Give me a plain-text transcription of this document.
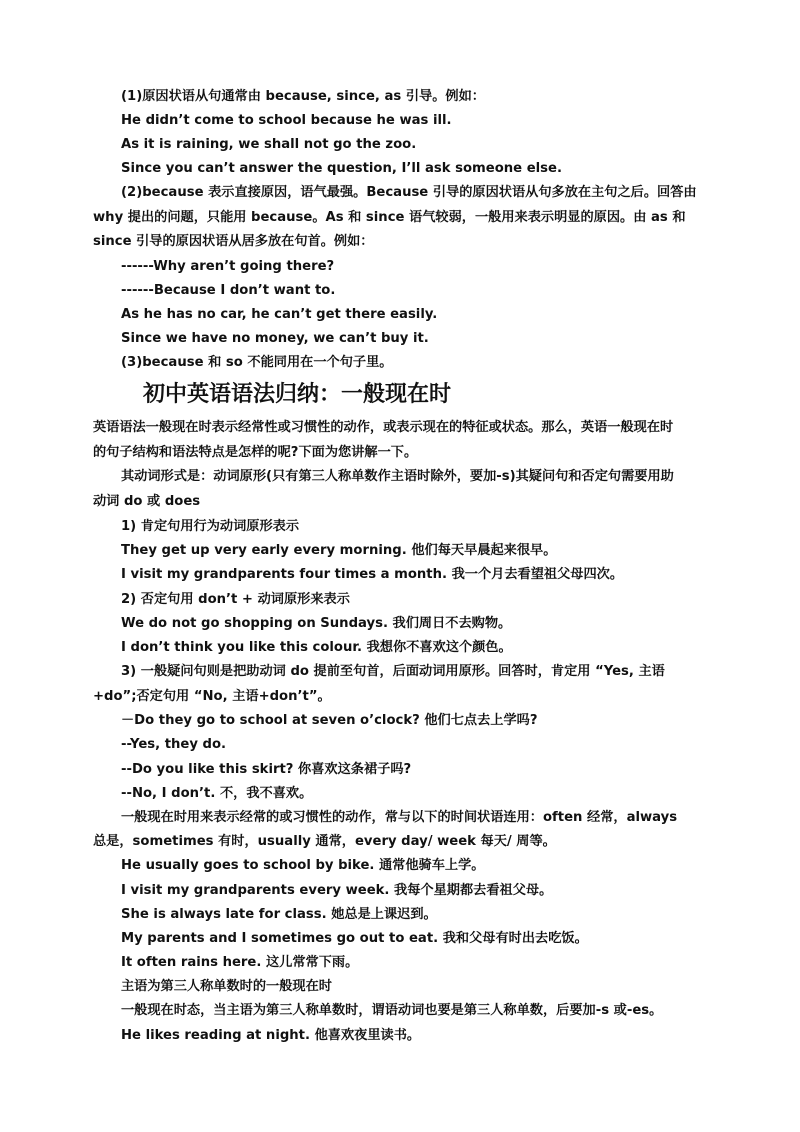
(1)原因状语从句通常由 because, since, as 引导。例如：
He didn’t come to school because he was ill.
As it is raining, we shall not go the zoo.
Since you can’t answer the question, I’ll ask someone else.
(2)because 表示直接原因，语气最强。Because 引导的原因状语从句多放在主句之后。回答由
why 提出的问题，只能用 because。As 和 since 语气较弱，一般用来表示明显的原因。由 as 和
since 引导的原因状语从居多放在句首。例如：
------Why aren’t going there?
------Because I don’t want to.
As he has no car, he can’t get there easily.
Since we have no money, we can’t buy it.
(3)because 和 so 不能同用在一个句子里。
初中英语语法归纳：一般现在时
英语语法一般现在时表示经常性或习惯性的动作，或表示现在的特征或状态。那么，英语一般现在时
的句子结构和语法特点是怎样的呢?下面为您讲解一下。
其动词形式是：动词原形(只有第三人称单数作主语时除外，要加-s)其疑问句和否定句需要用助
动词 do 或 does
1) 肯定句用行为动词原形表示
They get up very early every morning. 他们每天早晨起来很早。
I visit my grandparents four times a month. 我一个月去看望祖父母四次。
2) 否定句用 don’t + 动词原形来表示
We do not go shopping on Sundays. 我们周日不去购物。
I don’t think you like this colour. 我想你不喜欢这个颜色。
3) 一般疑问句则是把助动词 do 提前至句首，后面动词用原形。回答时，肯定用 “Yes, 主语
+do”;否定句用 “No, 主语+don’t”。
－Do they go to school at seven o’clock? 他们七点去上学吗?
--Yes, they do.
--Do you like this skirt? 你喜欢这条裙子吗?
--No, I don’t. 不，我不喜欢。
一般现在时用来表示经常的或习惯性的动作，常与以下的时间状语连用：often 经常，always
总是，sometimes 有时，usually 通常，every day/ week 每天/ 周等。
He usually goes to school by bike. 通常他骑车上学。
I visit my grandparents every week. 我每个星期都去看祖父母。
She is always late for class. 她总是上课迟到。
My parents and I sometimes go out to eat. 我和父母有时出去吃饭。
It often rains here. 这儿常常下雨。
主语为第三人称单数时的一般现在时
一般现在时态，当主语为第三人称单数时，谓语动词也要是第三人称单数，后要加-s 或-es。
He likes reading at night. 他喜欢夜里读书。
